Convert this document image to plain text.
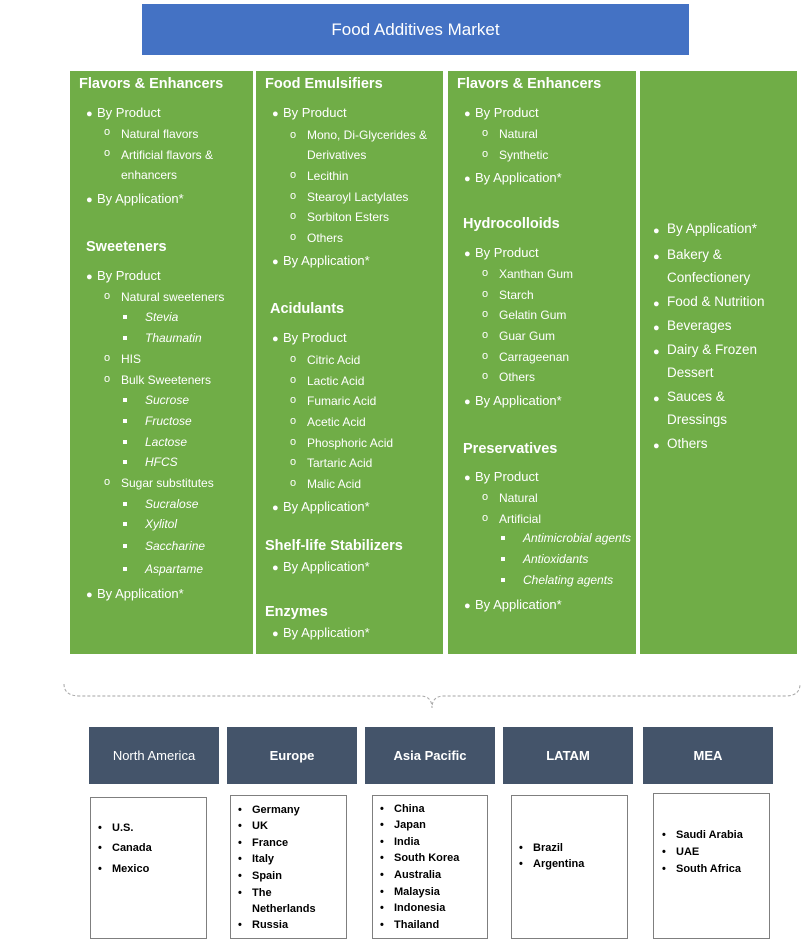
Food Additives Market
Flavors & Enhancers
● By Product
o Natural flavors
o Artificial flavors &
enhancers
● By Application*
Sweeteners
● By Product
o Natural sweeteners
Stevia
Thaumatin
o HIS
o Bulk Sweeteners
Sucrose
Fructose
Lactose
HFCS
o Sugar substitutes
Sucralose
Xylitol
Saccharine
Aspartame
● By Application*
Food Emulsifiers
● By Product
o Mono, Di-Glycerides &
Derivatives
o Lecithin
o Stearoyl Lactylates
o Sorbiton Esters
o Others
● By Application*
Acidulants
● By Product
o Citric Acid
o Lactic Acid
o Fumaric Acid
o Acetic Acid
o Phosphoric Acid
o Tartaric Acid
o Malic Acid
● By Application*
Shelf-life Stabilizers
● By Application*
Enzymes
● By Application*
Flavors & Enhancers
● By Product
o Natural
o Synthetic
● By Application*
Hydrocolloids
● By Product
o Xanthan Gum
o Starch
o Gelatin Gum
o Guar Gum
o Carrageenan
o Others
● By Application*
Preservatives
● By Product
o Natural
o Artificial
Antimicrobial agents
Antioxidants
Chelating agents
● By Application*
● By Application*
● Bakery &
Confectionery
● Food & Nutrition
● Beverages
● Dairy & Frozen
Dessert
● Sauces &
Dressings
● Others
North America	Europe	Asia Pacific	LATAM	MEA
• U.S.
• Canada
• Mexico
• Germany
• UK
• France
• Italy
• Spain
• The
Netherlands
• Russia
• China
• Japan
• India
• South Korea
• Australia
• Malaysia
• Indonesia
• Thailand
• Brazil
• Argentina
• Saudi Arabia
• UAE
• South Africa
